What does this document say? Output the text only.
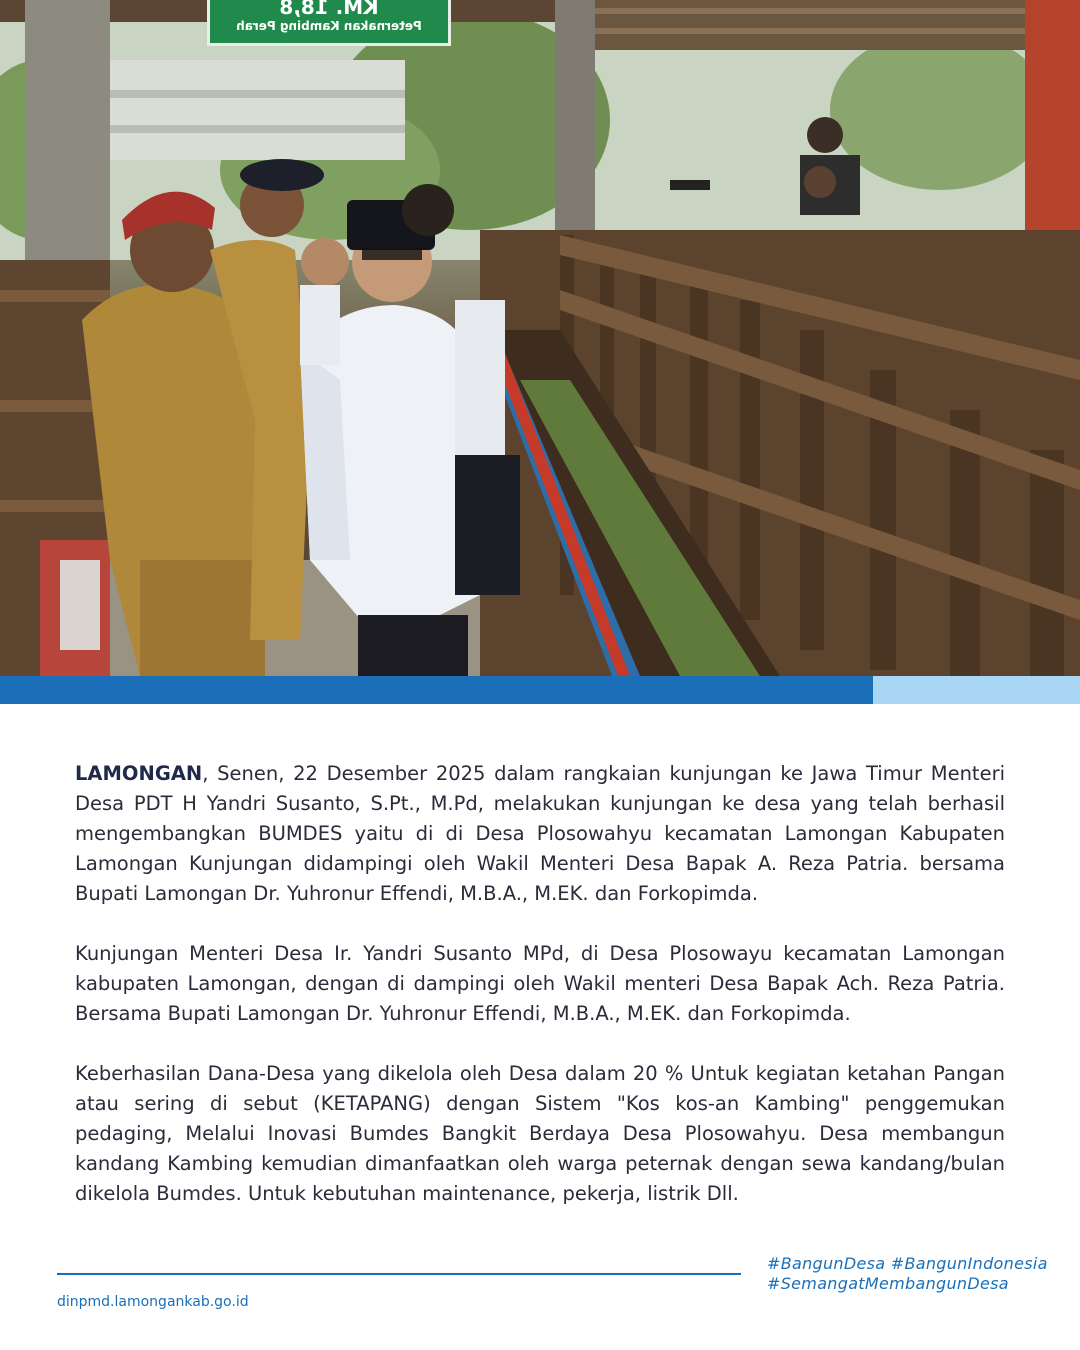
KM. 18,8
Peternakan Kambing Perah

LAMONGAN, Senen, 22 Desember 2025 dalam rangkaian kunjungan ke Jawa Timur Menteri Desa PDT H Yandri Susanto, S.Pt., M.Pd, melakukan kunjungan ke desa yang telah berhasil mengembangkan BUMDES yaitu di di Desa Plosowahyu kecamatan Lamongan Kabupaten Lamongan Kunjungan didampingi oleh Wakil Menteri Desa Bapak A. Reza Patria. bersama Bupati Lamongan Dr. Yuhronur Effendi, M.B.A., M.EK. dan Forkopimda.

Kunjungan Menteri Desa Ir. Yandri Susanto MPd, di Desa Plosowayu kecamatan Lamongan kabupaten Lamongan, dengan di dampingi oleh Wakil menteri Desa Bapak Ach. Reza Patria. Bersama Bupati Lamongan Dr. Yuhronur Effendi, M.B.A., M.EK. dan Forkopimda.

Keberhasilan Dana-Desa yang dikelola oleh Desa dalam 20 % Untuk kegiatan ketahan Pangan atau sering di sebut (KETAPANG) dengan Sistem "Kos kos-an Kambing" penggemukan pedaging, Melalui Inovasi Bumdes Bangkit Berdaya Desa Plosowahyu. Desa membangun kandang Kambing kemudian dimanfaatkan oleh warga peternak dengan sewa kandang/bulan dikelola Bumdes. Untuk kebutuhan maintenance, pekerja, listrik Dll.

dinpmd.lamongankab.go.id
#BangunDesa #BangunIndonesia
#SemangatMembangunDesa
